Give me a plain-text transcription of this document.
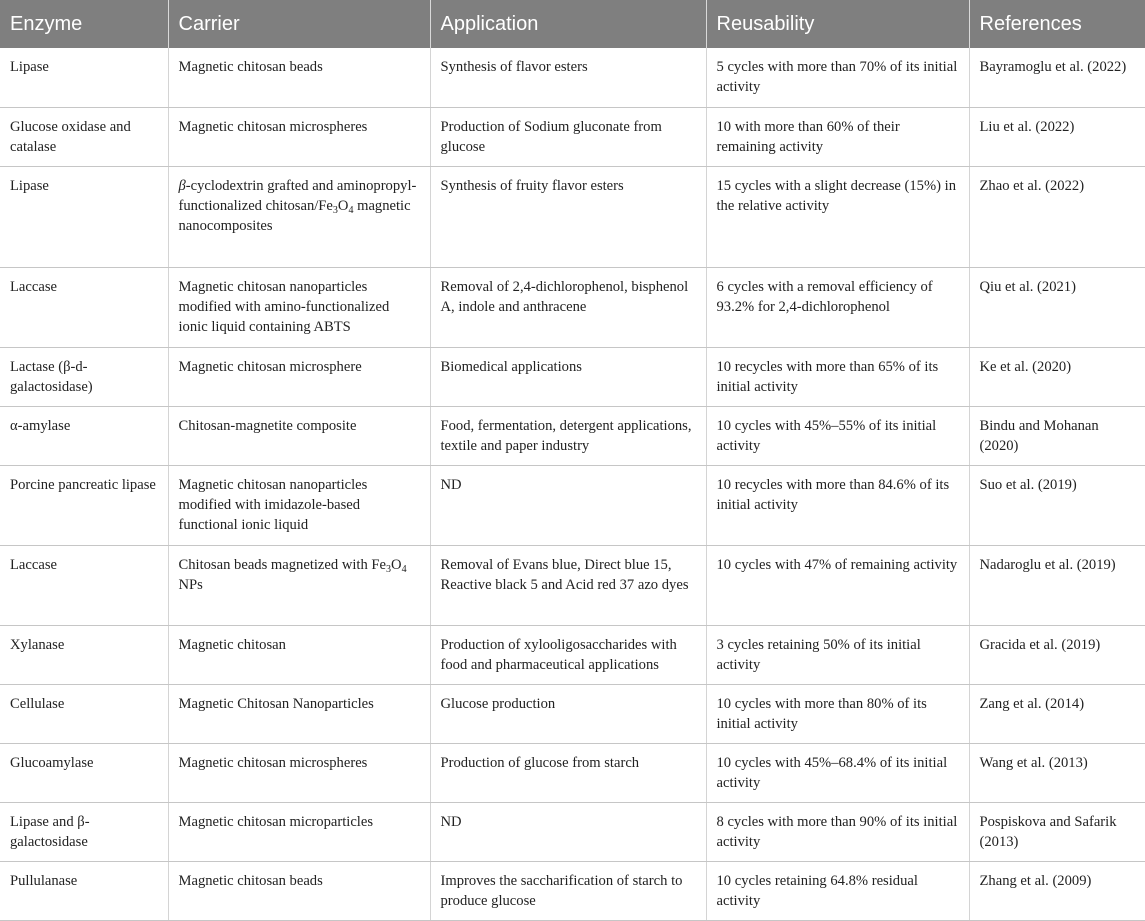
Enzyme	Carrier	Application	Reusability	References
Lipase	Magnetic chitosan beads	Synthesis of flavor esters	5 cycles with more than 70% of its initial activity	Bayramoglu et al. (2022)
Glucose oxidase and catalase	Magnetic chitosan microspheres	Production of Sodium gluconate from glucose	10 with more than 60% of their remaining activity	Liu et al. (2022)
Lipase	β-cyclodextrin grafted and aminopropyl-functionalized chitosan/$Fe_3O_4$ magnetic nanocomposites	Synthesis of fruity flavor esters	15 cycles with a slight decrease (15%) in the relative activity	Zhao et al. (2022)
Laccase	Magnetic chitosan nanoparticles modified with amino-functionalized ionic liquid containing ABTS	Removal of 2,4-dichlorophenol, bisphenol A, indole and anthracene	6 cycles with a removal efficiency of 93.2% for 2,4-dichlorophenol	Qiu et al. (2021)
Lactase (β-d-galactosidase)	Magnetic chitosan microsphere	Biomedical applications	10 recycles with more than 65% of its initial activity	Ke et al. (2020)
α-amylase	Chitosan-magnetite composite	Food, fermentation, detergent applications, textile and paper industry	10 cycles with 45%–55% of its initial activity	Bindu and Mohanan (2020)
Porcine pancreatic lipase	Magnetic chitosan nanoparticles modified with imidazole-based functional ionic liquid	ND	10 recycles with more than 84.6% of its initial activity	Suo et al. (2019)
Laccase	Chitosan beads magnetized with $Fe_3O_4$ NPs	Removal of Evans blue, Direct blue 15, Reactive black 5 and Acid red 37 azo dyes	10 cycles with 47% of remaining activity	Nadaroglu et al. (2019)
Xylanase	Magnetic chitosan	Production of xylooligosaccharides with food and pharmaceutical applications	3 cycles retaining 50% of its initial activity	Gracida et al. (2019)
Cellulase	Magnetic Chitosan Nanoparticles	Glucose production	10 cycles with more than 80% of its initial activity	Zang et al. (2014)
Glucoamylase	Magnetic chitosan microspheres	Production of glucose from starch	10 cycles with 45%–68.4% of its initial activity	Wang et al. (2013)
Lipase and β-galactosidase	Magnetic chitosan microparticles	ND	8 cycles with more than 90% of its initial activity	Pospiskova and Safarik (2013)
Pullulanase	Magnetic chitosan beads	Improves the saccharification of starch to produce glucose	10 cycles retaining 64.8% residual activity	Zhang et al. (2009)
